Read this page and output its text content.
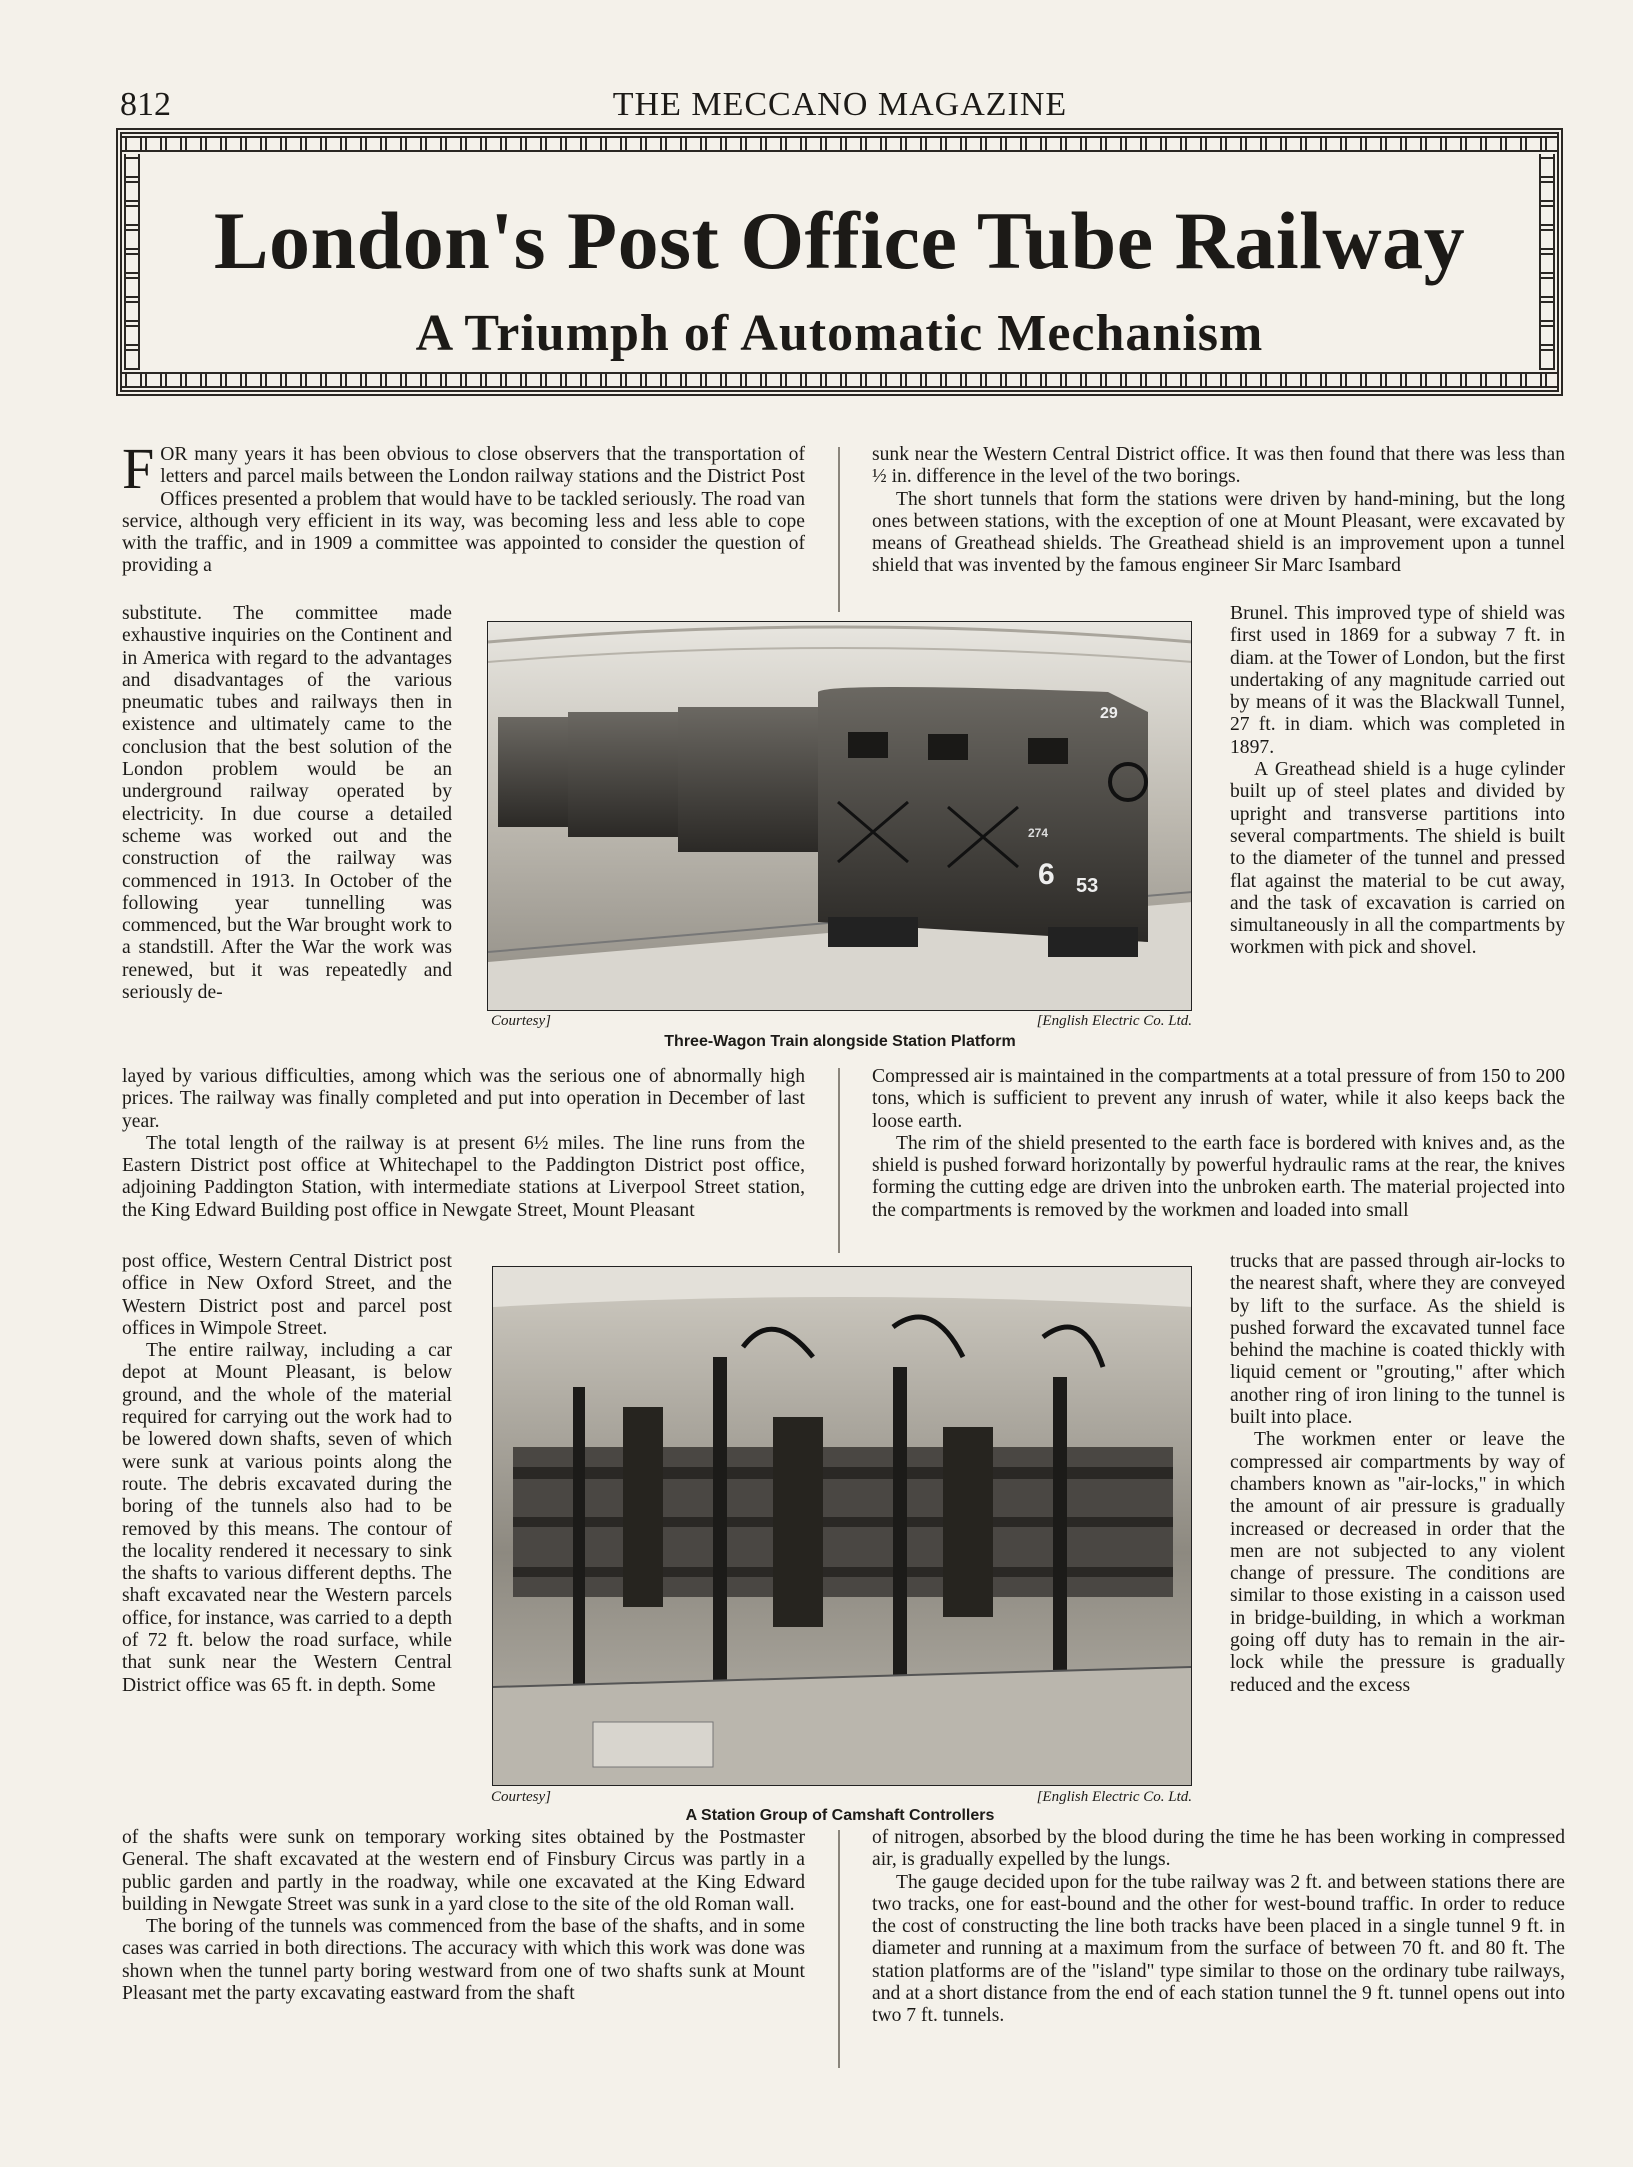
812	THE MECCANO MAGAZINE
London's Post Office Tube Railway
A Triumph of Automatic Mechanism

FOR many years it has been obvious to close observers that the transportation of letters and parcel mails between the London railway stations and the District Post Offices presented a problem that would have to be tackled seriously. The road van service, although very efficient in its way, was becoming less and less able to cope with the traffic, and in 1909 a committee was appointed to consider the question of providing a

substitute. The committee made exhaustive inquiries on the Continent and in America with regard to the advantages and disadvantages of the various pneumatic tubes and railways then in existence and ultimately came to the conclusion that the best solution of the London problem would be an underground railway operated by electricity. In due course a detailed scheme was worked out and the construction of the railway was commenced in 1913. In October of the following year tunnelling was commenced, but the War brought work to a standstill. After the War the work was renewed, but it was repeatedly and seriously de-

layed by various difficulties, among which was the serious one of abnormally high prices. The railway was finally completed and put into operation in December of last year.

The total length of the railway is at present 6½ miles. The line runs from the Eastern District post office at Whitechapel to the Paddington District post office, adjoining Paddington Station, with intermediate stations at Liverpool Street station, the King Edward Building post office in Newgate Street, Mount Pleasant

post office, Western Central District post office in New Oxford Street, and the Western District post and parcel post offices in Wimpole Street.

The entire railway, including a car depot at Mount Pleasant, is below ground, and the whole of the material required for carrying out the work had to be lowered down shafts, seven of which were sunk at various points along the route. The debris excavated during the boring of the tunnels also had to be removed by this means. The contour of the locality rendered it necessary to sink the shafts to various different depths. The shaft excavated near the Western parcels office, for instance, was carried to a depth of 72 ft. below the road surface, while that sunk near the Western Central District office was 65 ft. in depth. Some

of the shafts were sunk on temporary working sites obtained by the Postmaster General. The shaft excavated at the western end of Finsbury Circus was partly in a public garden and partly in the roadway, while one excavated at the King Edward building in Newgate Street was sunk in a yard close to the site of the old Roman wall.

The boring of the tunnels was commenced from the base of the shafts, and in some cases was carried in both directions. The accuracy with which this work was done was shown when the tunnel party boring westward from one of two shafts sunk at Mount Pleasant met the party excavating eastward from the shaft

sunk near the Western Central District office. It was then found that there was less than ½ in. difference in the level of the two borings.

The short tunnels that form the stations were driven by hand-mining, but the long ones between stations, with the exception of one at Mount Pleasant, were excavated by means of Greathead shields. The Greathead shield is an improvement upon a tunnel shield that was invented by the famous engineer Sir Marc Isambard

Brunel. This improved type of shield was first used in 1869 for a subway 7 ft. in diam. at the Tower of London, but the first undertaking of any magnitude carried out by means of it was the Blackwall Tunnel, 27 ft. in diam. which was completed in 1897.

A Greathead shield is a huge cylinder built up of steel plates and divided by upright and transverse partitions into several compartments. The shield is built to the diameter of the tunnel and pressed flat against the material to be cut away, and the task of excavation is carried on simultaneously in all the compartments by workmen with pick and shovel.

Compressed air is maintained in the compartments at a total pressure of from 150 to 200 tons, which is sufficient to prevent any inrush of water, while it also keeps back the loose earth.

The rim of the shield presented to the earth face is bordered with knives and, as the shield is pushed forward horizontally by powerful hydraulic rams at the rear, the knives forming the cutting edge are driven into the unbroken earth. The material projected into the compartments is removed by the workmen and loaded into small

trucks that are passed through air-locks to the nearest shaft, where they are conveyed by lift to the surface. As the shield is pushed forward the excavated tunnel face behind the machine is coated thickly with liquid cement or "grouting," after which another ring of iron lining to the tunnel is built into place.

The workmen enter or leave the compressed air compartments by way of chambers known as "air-locks," in which the amount of air pressure is gradually increased or decreased in order that the men are not subjected to any violent change of pressure. The conditions are similar to those existing in a caisson used in bridge-building, in which a workman going off duty has to remain in the air-lock while the pressure is gradually reduced and the excess

of nitrogen, absorbed by the blood during the time he has been working in compressed air, is gradually expelled by the lungs.

The gauge decided upon for the tube railway was 2 ft. and between stations there are two tracks, one for east-bound and the other for west-bound traffic. In order to reduce the cost of constructing the line both tracks have been placed in a single tunnel 9 ft. in diameter and running at a maximum from the surface of between 70 ft. and 80 ft. The station platforms are of the "island" type similar to those on the ordinary tube railways, and at a short distance from the end of each station tunnel the 9 ft. tunnel opens out into two 7 ft. tunnels.

29
274
6 53
Courtesy]	[English Electric Co. Ltd.
Three-Wagon Train alongside Station Platform
Courtesy]	[English Electric Co. Ltd.
A Station Group of Camshaft Controllers
